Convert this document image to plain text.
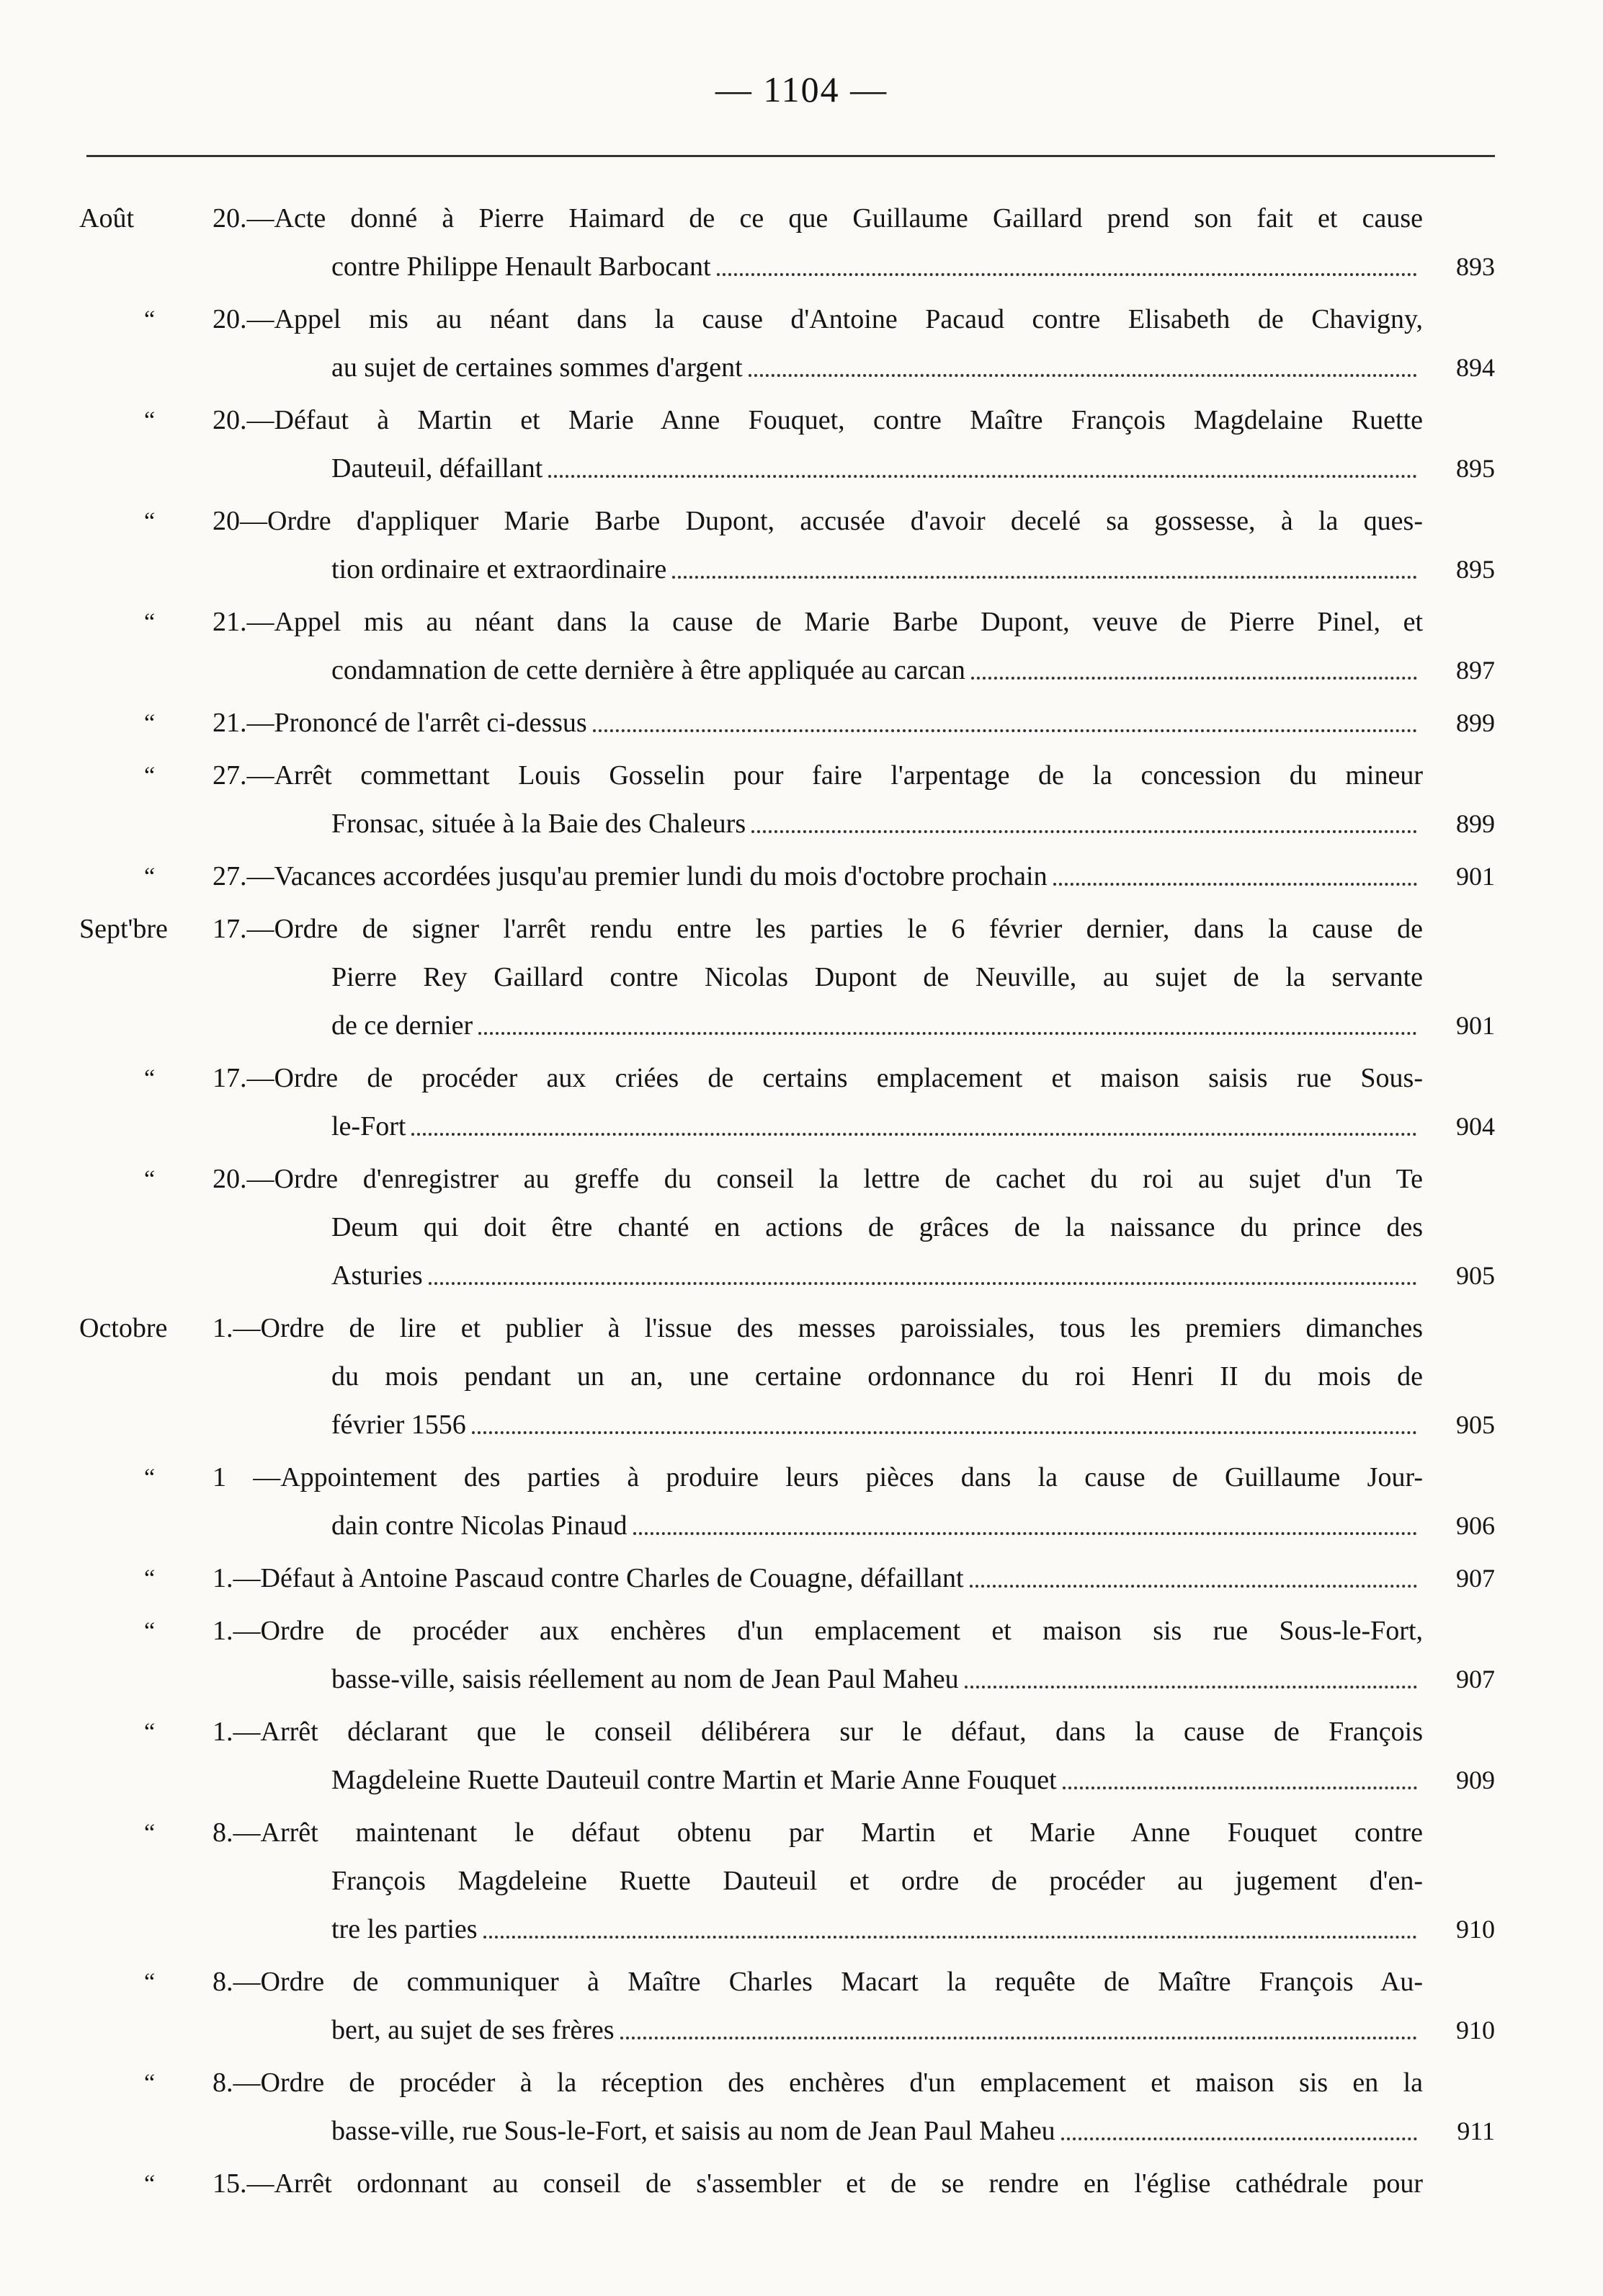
— 1104 —
Août	20.—Acte donné à Pierre Haimard de ce que Guillaume Gaillard prend son fait et cause
contre Philippe Henault Barbocant	893
“	20.—Appel mis au néant dans la cause d'Antoine Pacaud contre Elisabeth de Chavigny,
au sujet de certaines sommes d'argent	894
“	20.—Défaut à Martin et Marie Anne Fouquet, contre Maître François Magdelaine Ruette
Dauteuil, défaillant	895
“	20—Ordre d'appliquer Marie Barbe Dupont, accusée d'avoir decelé sa gossesse, à la ques-
tion ordinaire et extraordinaire	895
“	21.—Appel mis au néant dans la cause de Marie Barbe Dupont, veuve de Pierre Pinel, et
condamnation de cette dernière à être appliquée au carcan	897
“	21.—Prononcé de l'arrêt ci-dessus	899
“	27.—Arrêt commettant Louis Gosselin pour faire l'arpentage de la concession du mineur
Fronsac, située à la Baie des Chaleurs	899
“	27.—Vacances accordées jusqu'au premier lundi du mois d'octobre prochain	901
Sept'bre	17.—Ordre de signer l'arrêt rendu entre les parties le 6 février dernier, dans la cause de
Pierre Rey Gaillard contre Nicolas Dupont de Neuville, au sujet de la servante
de ce dernier	901
“	17.—Ordre de procéder aux criées de certains emplacement et maison saisis rue Sous-
le-Fort	904
“	20.—Ordre d'enregistrer au greffe du conseil la lettre de cachet du roi au sujet d'un Te
Deum qui doit être chanté en actions de grâces de la naissance du prince des
Asturies	905
Octobre	1.—Ordre de lire et publier à l'issue des messes paroissiales, tous les premiers dimanches
du mois pendant un an, une certaine ordonnance du roi Henri II du mois de
février 1556	905
“	1 —Appointement des parties à produire leurs pièces dans la cause de Guillaume Jour-
dain contre Nicolas Pinaud	906
“	1.—Défaut à Antoine Pascaud contre Charles de Couagne, défaillant	907
“	1.—Ordre de procéder aux enchères d'un emplacement et maison sis rue Sous-le-Fort,
basse-ville, saisis réellement au nom de Jean Paul Maheu	907
“	1.—Arrêt déclarant que le conseil délibérera sur le défaut, dans la cause de François
Magdeleine Ruette Dauteuil contre Martin et Marie Anne Fouquet	909
“	8.—Arrêt maintenant le défaut obtenu par Martin et Marie Anne Fouquet contre
François Magdeleine Ruette Dauteuil et ordre de procéder au jugement d'en-
tre les parties	910
“	8.—Ordre de communiquer à Maître Charles Macart la requête de Maître François Au-
bert, au sujet de ses frères	910
“	8.—Ordre de procéder à la réception des enchères d'un emplacement et maison sis en la
basse-ville, rue Sous-le-Fort, et saisis au nom de Jean Paul Maheu	911
“	15.—Arrêt ordonnant au conseil de s'assembler et de se rendre en l'église cathédrale pour
